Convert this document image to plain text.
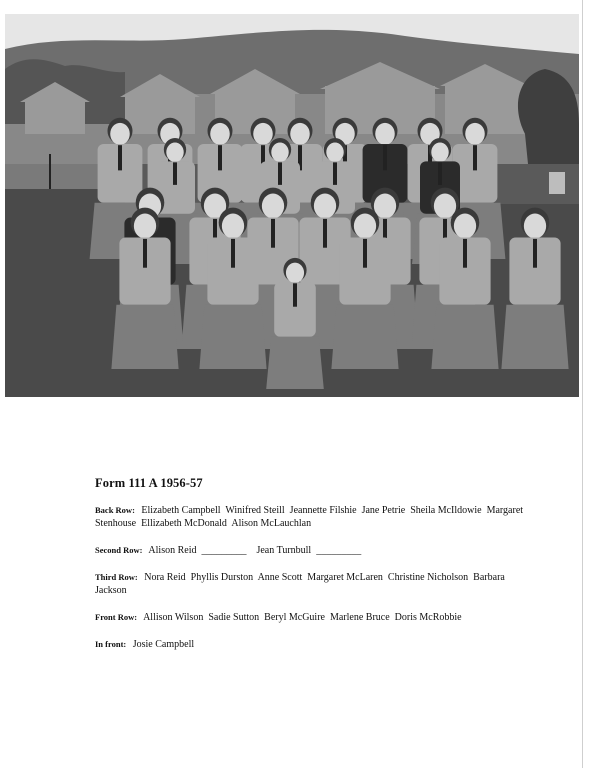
Form 111 A 1956-57
Back Row: Elizabeth Campbell  Winifred Steill  Jeannette Filshie  Jane Petrie  Sheila McIldowie  Margaret Stenhouse  Ellizabeth McDonald  Alison McLauchlan
Second Row: Alison Reid  _________    Jean Turnbull  _________
Third Row: Nora Reid  Phyllis Durston  Anne Scott  Margaret McLaren  Christine Nicholson  Barbara Jackson
Front Row: Allison Wilson  Sadie Sutton  Beryl McGuire  Marlene Bruce  Doris McRobbie
In front: Josie Campbell
